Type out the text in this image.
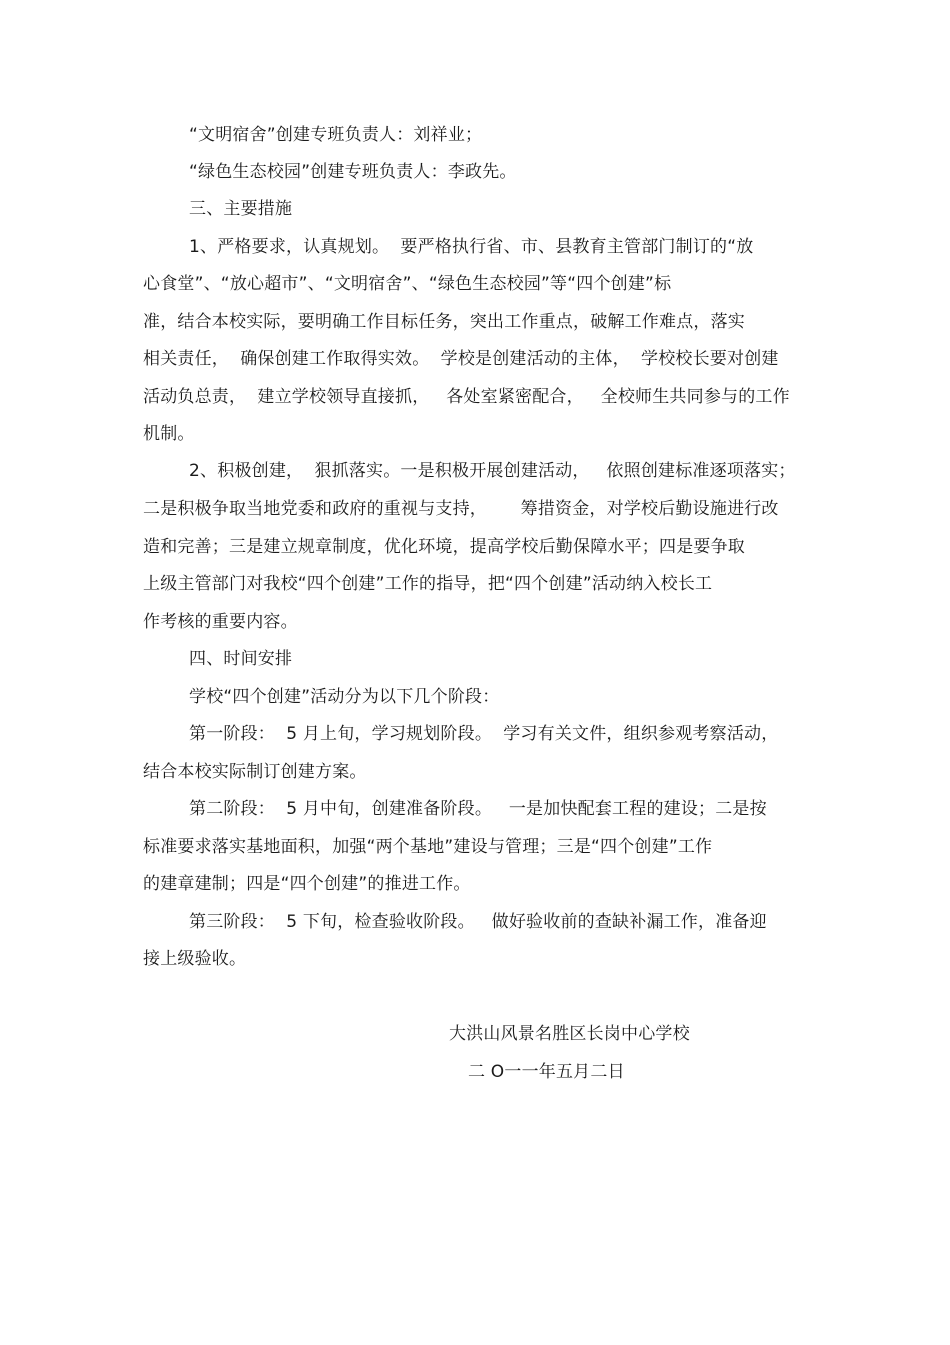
“文明宿舍”创建专班负责人：刘祥业；
“绿色生态校园”创建专班负责人：李政先。
三、主要措施
1、严格要求，认真规划。  要严格执行省、市、县教育主管部门制订的“放
心食堂”、“放心超市”、“文明宿舍”、“绿色生态校园”等“四个创建”标
准，结合本校实际，要明确工作目标任务，突出工作重点，破解工作难点，落实
相关责任，  确保创建工作取得实效。  学校是创建活动的主体，  学校校长要对创建
活动负总责，  建立学校领导直接抓，   各处室紧密配合，   全校师生共同参与的工作
机制。
2、积极创建，  狠抓落实。一是积极开展创建活动，   依照创建标准逐项落实；
二是积极争取当地党委和政府的重视与支持，      筹措资金，对学校后勤设施进行改
造和完善；三是建立规章制度，优化环境，提高学校后勤保障水平；四是要争取
上级主管部门对我校“四个创建”工作的指导，把“四个创建”活动纳入校长工
作考核的重要内容。
四、时间安排
学校“四个创建”活动分为以下几个阶段：
第一阶段：  5 月上旬，学习规划阶段。  学习有关文件，组织参观考察活动，
结合本校实际制订创建方案。
第二阶段：  5 月中旬，创建准备阶段。   一是加快配套工程的建设；二是按
标准要求落实基地面积，加强“两个基地”建设与管理；三是“四个创建”工作
的建章建制；四是“四个创建”的推进工作。
第三阶段：  5 下旬，检查验收阶段。   做好验收前的查缺补漏工作，准备迎
接上级验收。
大洪山风景名胜区长岗中心学校
二 O一一年五月二日
